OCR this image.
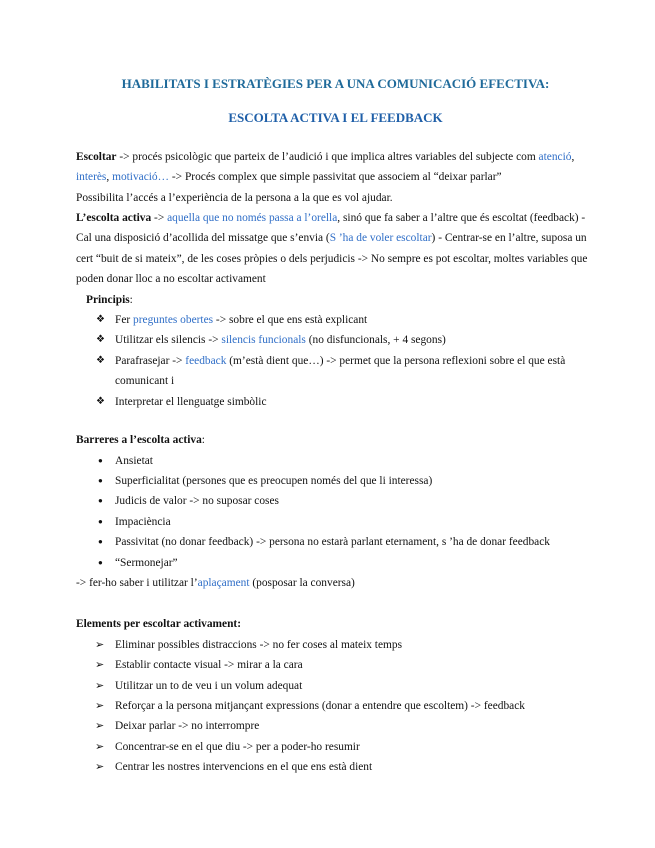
HABILITATS I ESTRATÈGIES PER A UNA COMUNICACIÓ EFECTIVA:
ESCOLTA ACTIVA I EL FEEDBACK

Escoltar -> procés psicològic que parteix de l’audició i que implica altres variables del subjecte com atenció, interès, motivació… -> Procés complex que simple passivitat que associem al “deixar parlar”
Possibilita l’accés a l’experiència de la persona a la que es vol ajudar.

L’escolta activa -> aquella que no només passa a l’orella, sinó que fa saber a l’altre que és escoltat (feedback) - Cal una disposició d’acollida del missatge que s’envia (S ’ha de voler escoltar) - Centrar-se en l’altre, suposa un cert “buit de si mateix”, de les coses pròpies o dels perjudicis -> No sempre es pot escoltar, moltes variables que poden donar lloc a no escoltar activament

Principis:

❖ Fer preguntes obertes -> sobre el que ens està explicant
❖ Utilitzar els silencis -> silencis funcionals (no disfuncionals, + 4 segons)
❖ Parafrasejar -> feedback (m’està dient que…) -> permet que la persona reflexioni sobre el que està comunicant i
❖ Interpretar el llenguatge simbòlic

Barreres a l’escolta activa:

● Ansietat
● Superficialitat (persones que es preocupen només del que li interessa)
● Judicis de valor -> no suposar coses
● Impaciència
● Passivitat (no donar feedback) -> persona no estarà parlant eternament, s ’ha de donar feedback
● “Sermonejar”

-> fer-ho saber i utilitzar l’aplaçament (posposar la conversa)

Elements per escoltar activament:

➢ Eliminar possibles distraccions -> no fer coses al mateix temps
➢ Establir contacte visual -> mirar a la cara
➢ Utilitzar un to de veu i un volum adequat
➢ Reforçar a la persona mitjançant expressions (donar a entendre que escoltem) -> feedback
➢ Deixar parlar -> no interrompre
➢ Concentrar-se en el que diu -> per a poder-ho resumir
➢ Centrar les nostres intervencions en el que ens està dient
